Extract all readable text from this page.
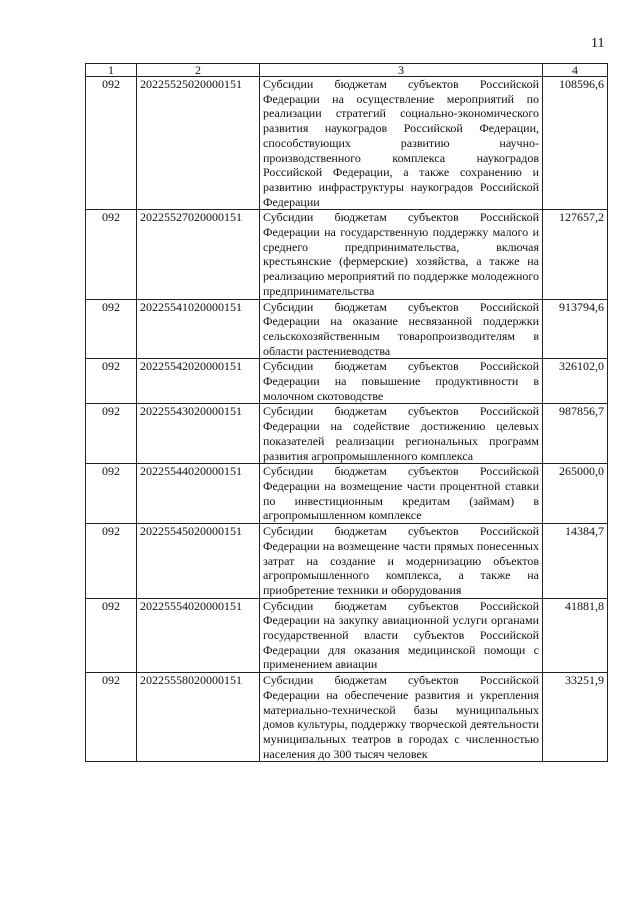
11
1	2	3	4
092	20225525020000151	Субсидии бюджетам субъектов Российской Федерации на осуществление мероприятий по реализации стратегий социально-экономического развития наукоградов Российской Федерации, способствующих развитию научно-производственного комплекса наукоградов Российской Федерации, а также сохранению и развитию инфраструктуры наукоградов Российской Федерации	108596,6
092	20225527020000151	Субсидии бюджетам субъектов Российской Федерации на государственную поддержку малого и среднего предпринимательства, включая крестьянские (фермерские) хозяйства, а также на реализацию мероприятий по поддержке молодежного предпринимательства	127657,2
092	20225541020000151	Субсидии бюджетам субъектов Российской Федерации на оказание несвязанной поддержки сельскохозяйственным товаропроизводителям в области растениеводства	913794,6
092	20225542020000151	Субсидии бюджетам субъектов Российской Федерации на повышение продуктивности в молочном скотоводстве	326102,0
092	20225543020000151	Субсидии бюджетам субъектов Российской Федерации на содействие достижению целевых показателей реализации региональных программ развития агропромышленного комплекса	987856,7
092	20225544020000151	Субсидии бюджетам субъектов Российской Федерации на возмещение части процентной ставки по инвестиционным кредитам (займам) в агропромышленном комплексе	265000,0
092	20225545020000151	Субсидии бюджетам субъектов Российской Федерации на возмещение части прямых понесенных затрат на создание и модернизацию объектов агропромышленного комплекса, а также на приобретение техники и оборудования	14384,7
092	20225554020000151	Субсидии бюджетам субъектов Российской Федерации на закупку авиационной услуги органами государственной власти субъектов Российской Федерации для оказания медицинской помощи с применением авиации	41881,8
092	20225558020000151	Субсидии бюджетам субъектов Российской Федерации на обеспечение развития и укрепления материально-технической базы муниципальных домов культуры, поддержку творческой деятельности муниципальных театров в городах с численностью населения до 300 тысяч человек	33251,9
